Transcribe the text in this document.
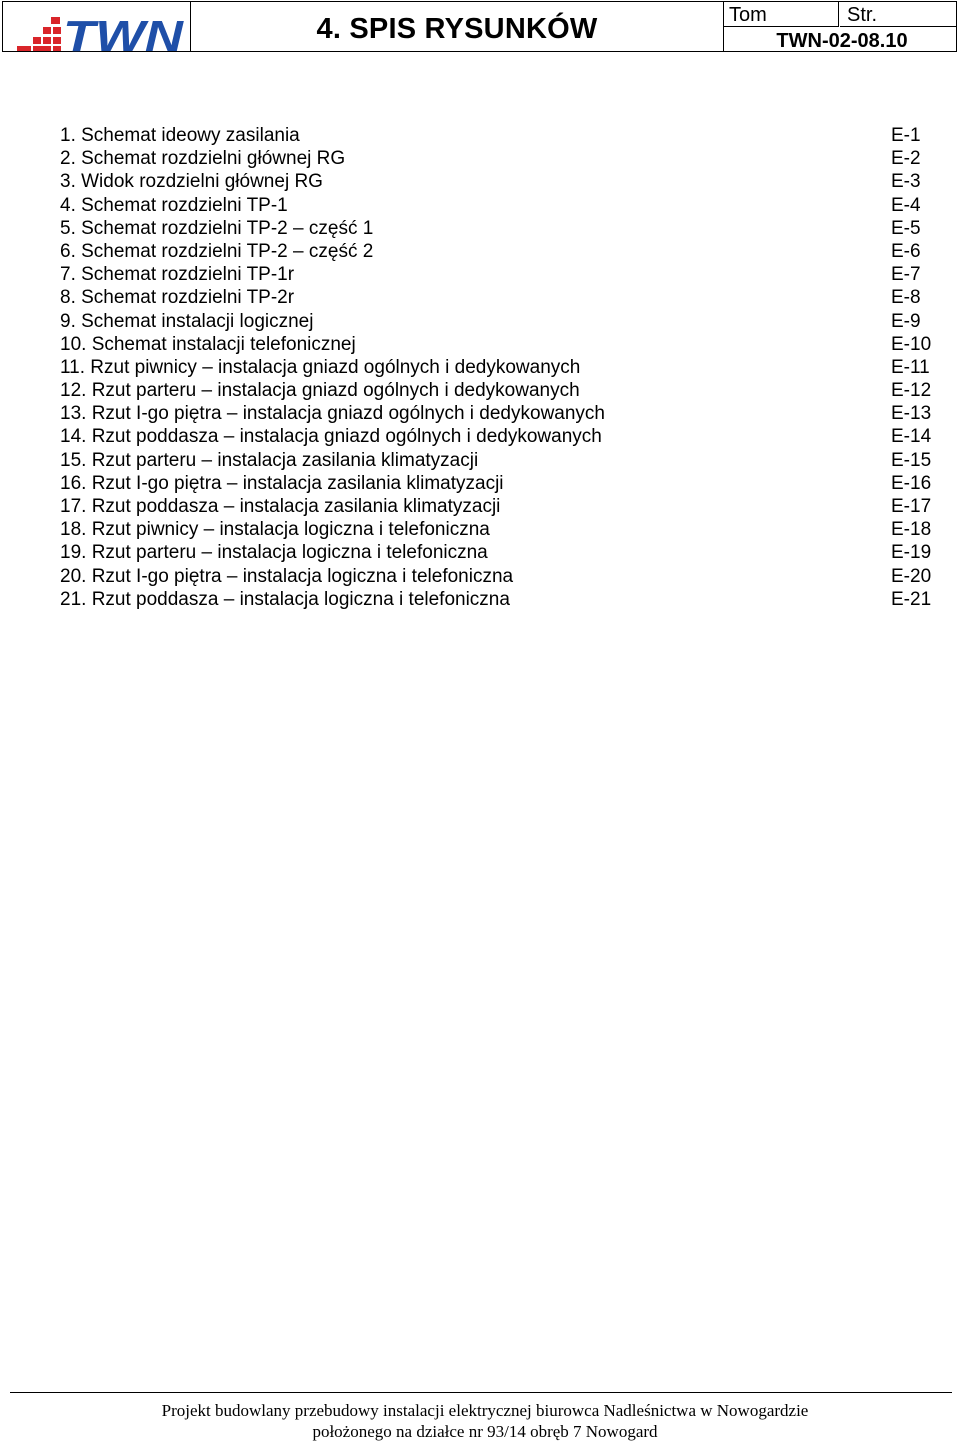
TWN	4. SPIS RYSUNKÓW	Tom	Str.
TWN-02-08.10
1. Schemat ideowy zasilania	E-1
2. Schemat rozdzielni głównej RG	E-2
3. Widok rozdzielni głównej RG	E-3
4. Schemat rozdzielni TP-1	E-4
5. Schemat rozdzielni TP-2 – część 1	E-5
6. Schemat rozdzielni TP-2 – część 2	E-6
7. Schemat rozdzielni TP-1r	E-7
8. Schemat rozdzielni TP-2r	E-8
9. Schemat instalacji logicznej	E-9
10. Schemat instalacji telefonicznej	E-10
11. Rzut piwnicy – instalacja gniazd ogólnych i dedykowanych	E-11
12. Rzut parteru – instalacja gniazd ogólnych i dedykowanych	E-12
13. Rzut I-go piętra – instalacja gniazd ogólnych i dedykowanych	E-13
14. Rzut poddasza – instalacja gniazd ogólnych i dedykowanych	E-14
15. Rzut parteru – instalacja zasilania klimatyzacji	E-15
16. Rzut I-go piętra – instalacja zasilania klimatyzacji	E-16
17. Rzut poddasza – instalacja zasilania klimatyzacji	E-17
18. Rzut piwnicy – instalacja logiczna i telefoniczna	E-18
19. Rzut parteru – instalacja logiczna i telefoniczna	E-19
20. Rzut I-go piętra – instalacja logiczna i telefoniczna	E-20
21. Rzut poddasza – instalacja logiczna i telefoniczna	E-21
Projekt budowlany przebudowy instalacji elektrycznej biurowca Nadleśnictwa w Nowogardzie
położonego na działce nr 93/14 obręb 7 Nowogard
